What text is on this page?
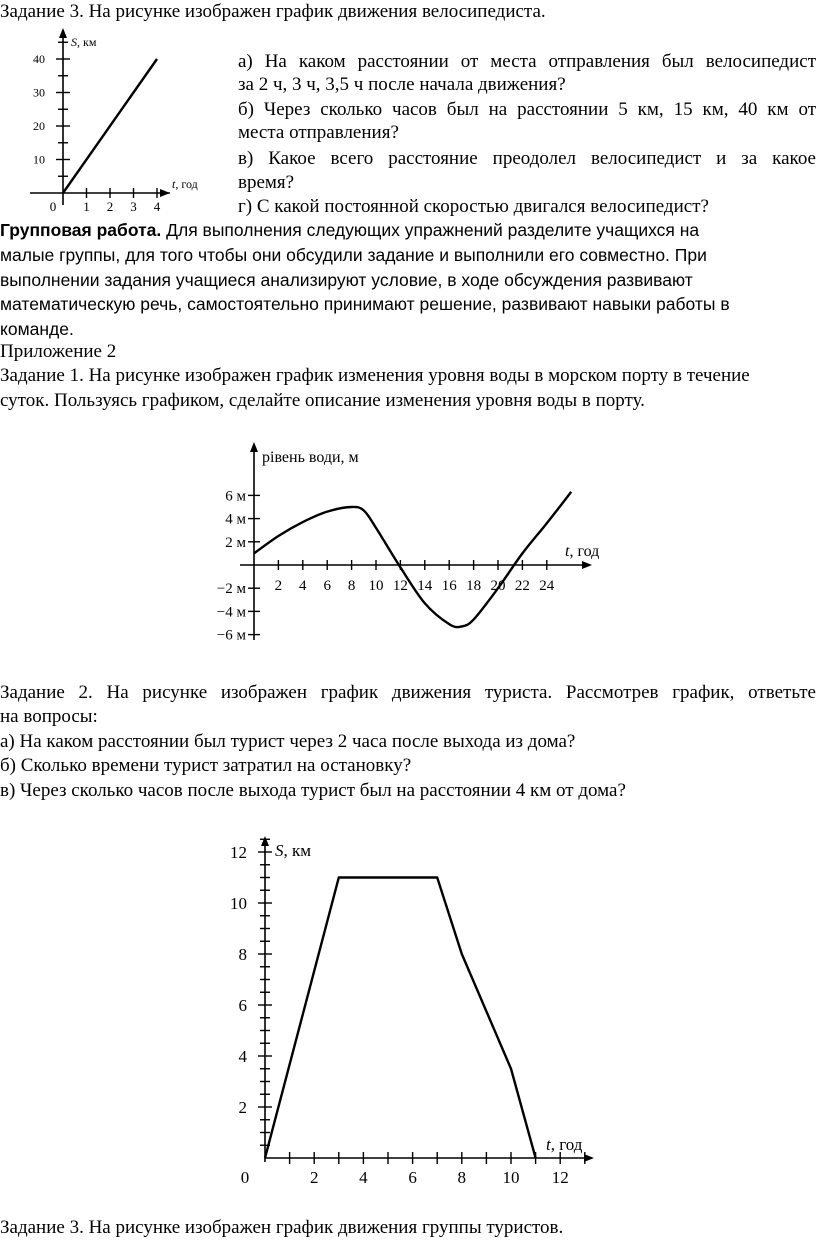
Задание 3. На рисунке изображен график движения велосипедиста.
а) На каком расстоянии от места отправления был велосипедист
за 2 ч, 3 ч, 3,5 ч после начала движения?
б) Через сколько часов был на расстоянии 5 км, 15 км, 40 км от
места отправления?
в) Какое всего расстояние преодолел велосипедист и за какое
время?
г) С какой постоянной скоростью двигался велосипедист?
Групповая работа. Для выполнения следующих упражнений разделите учащихся на
малые группы, для того чтобы они обсудили задание и выполнили его совместно. При
выполнении задания учащиеся анализируют условие, в ходе обсуждения развивают
математическую речь, самостоятельно принимают решение, развивают навыки работы в
команде.
Приложение 2
Задание 1. На рисунке изображен график изменения уровня воды в морском порту в течение
суток. Пользуясь графиком, сделайте описание изменения уровня воды в порту.
Задание 2. На рисунке изображен график движения туриста. Рассмотрев график, ответьте
на вопросы:
а) На каком расстоянии был турист через 2 часа после выхода из дома?
б) Сколько времени турист затратил на остановку?
в) Через сколько часов после выхода турист был на расстоянии 4 км от дома?
Задание 3. На рисунке изображен график движения группы туристов.
S, км
t, год
0 1 2 3 4
10
20
30
40
рівень води, м
t, год
2 4 6 8 10 12 14 16 18 20 22 24
6 м
4 м
2 м
−2 м
−4 м
−6 м
S, км
t, год
0	2 4 6 8 10 12
2
4
6
8
10
12
